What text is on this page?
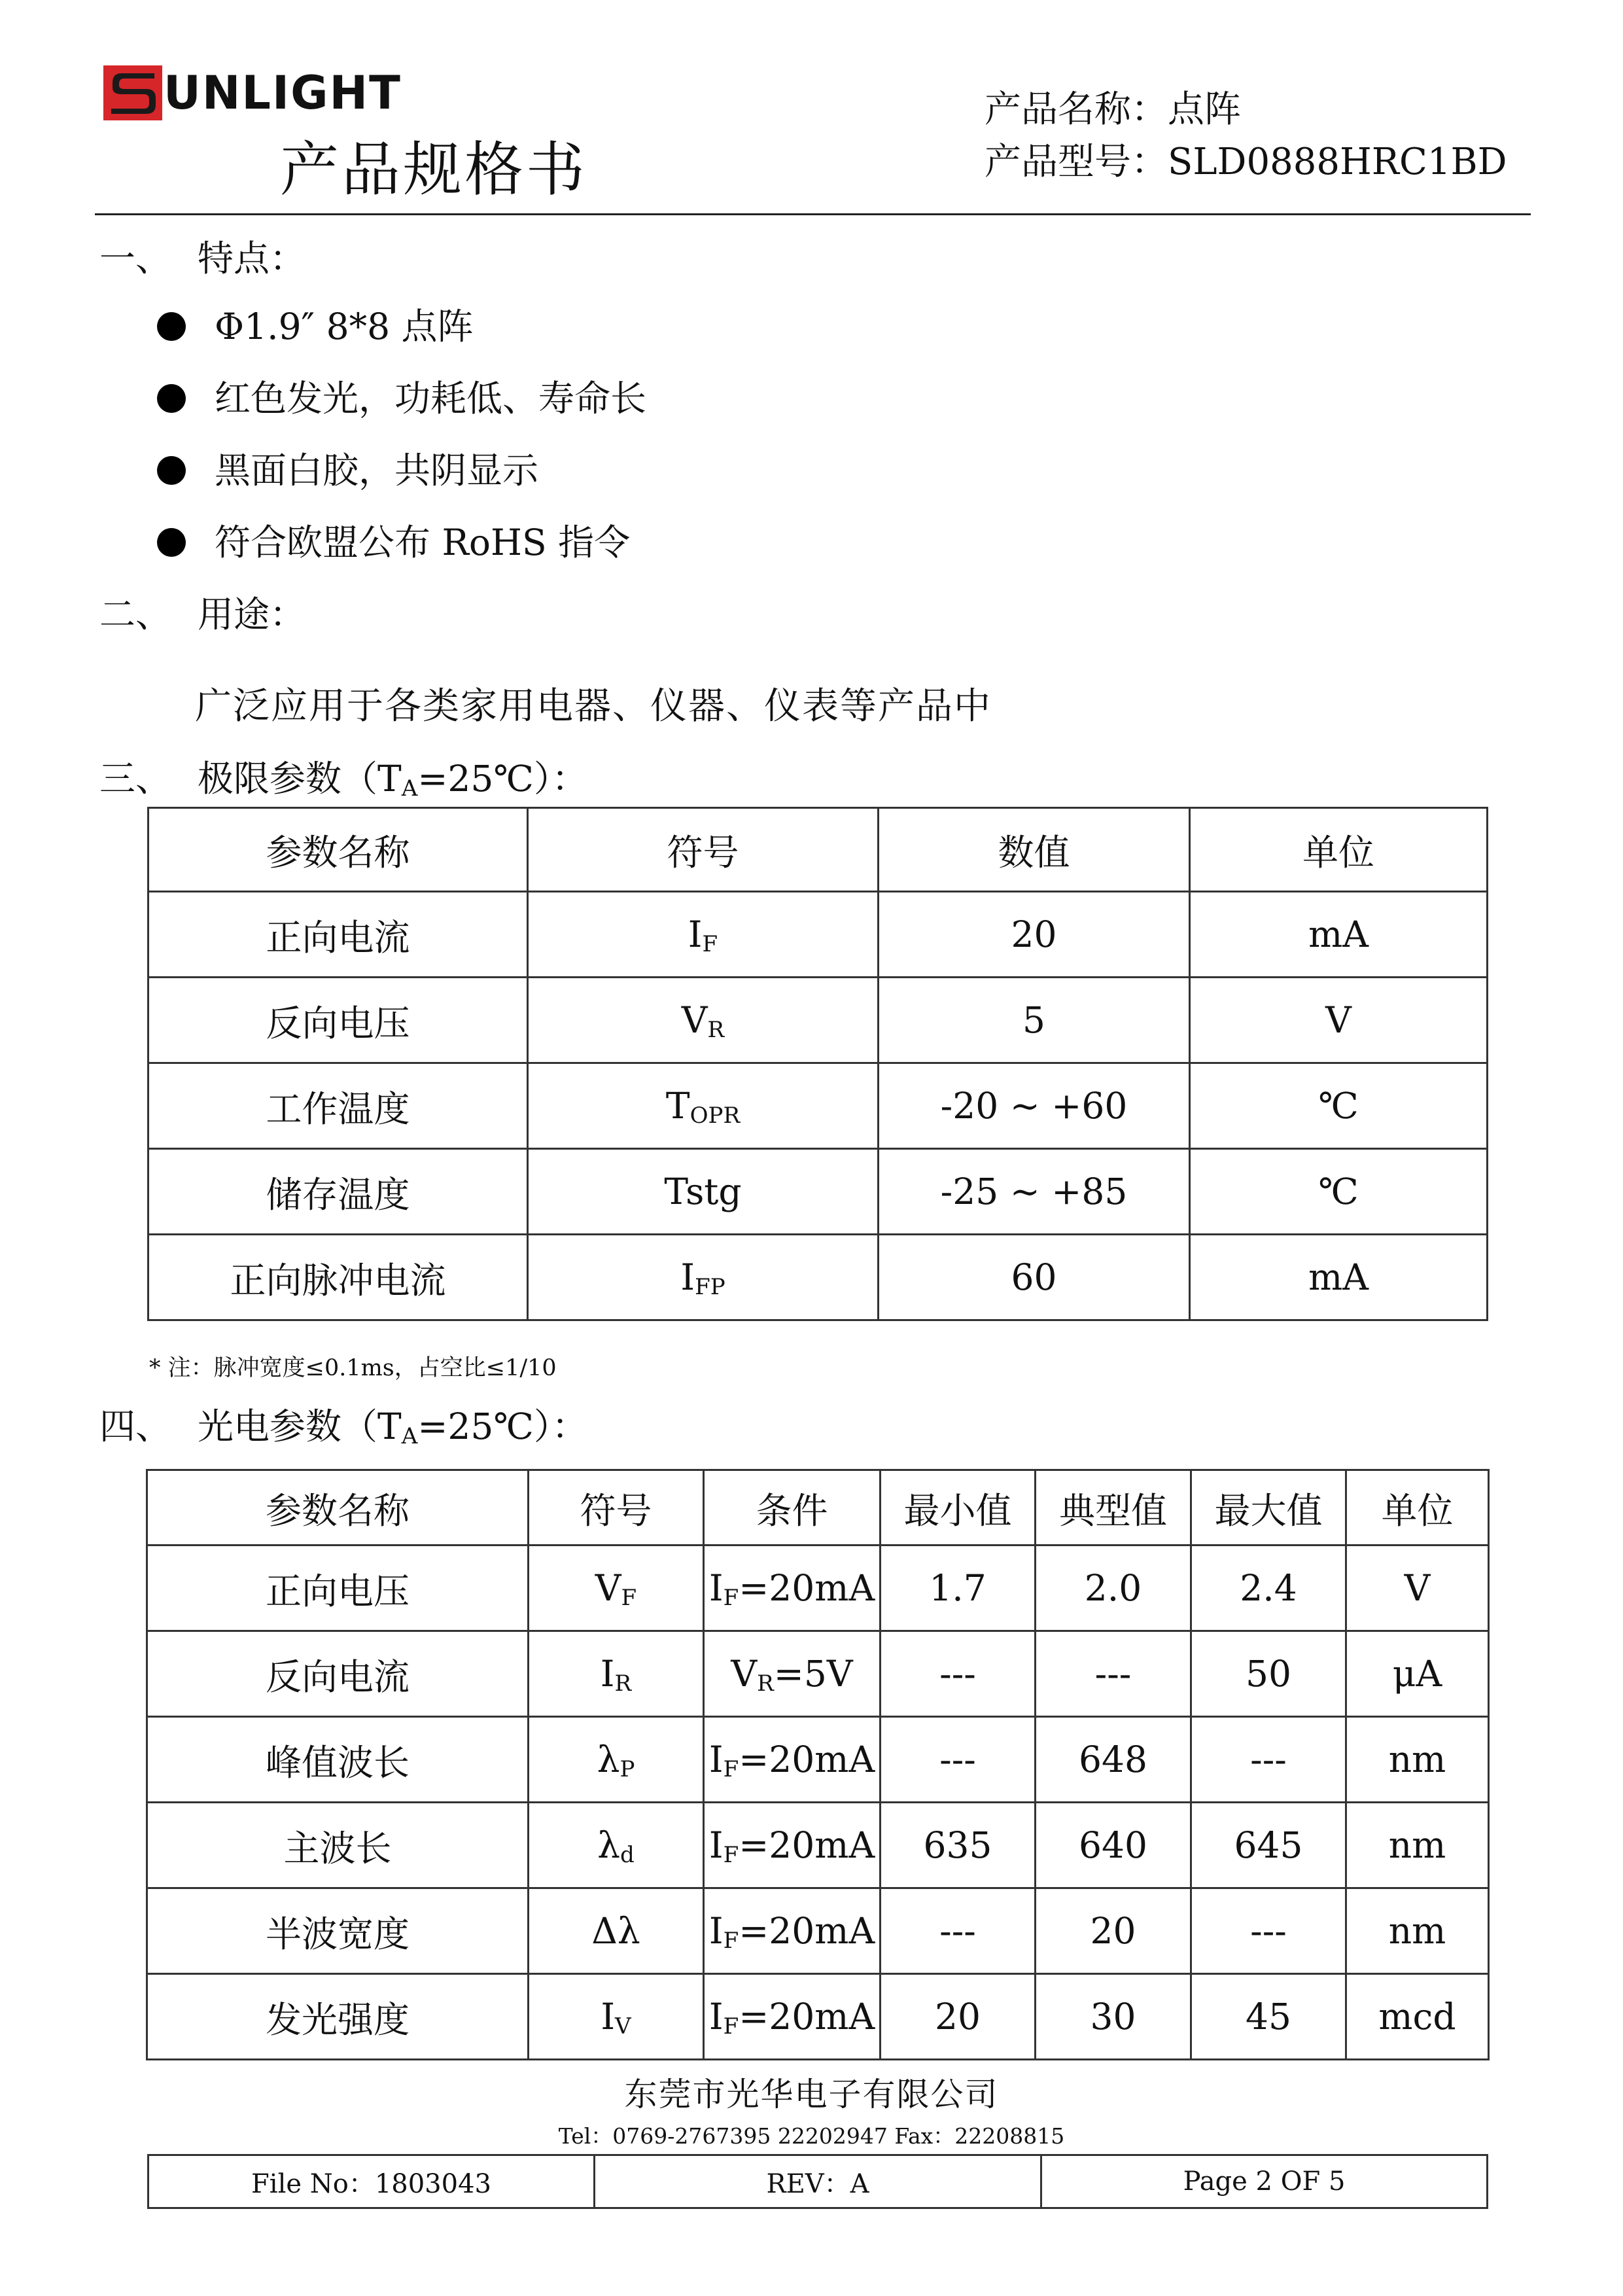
UNLIGHT
产品规格书
产品名称：点阵
产品型号：SLD0888HRC1BD
一、 特点：
Φ1.9″ 8*8 点阵
红色发光，功耗低、寿命长
黑面白胶，共阴显示
符合欧盟公布 RoHS 指令
二、 用途：
广泛应用于各类家用电器、仪器、仪表等产品中
三、 极限参数$(T_A=25℃)$：
参数名称	符号	数值	单位
正向电流	$I_F$	20	mA
反向电压	$V_R$	5	V
工作温度	$T_{OPR}$	-20 ~ +60	℃
储存温度	Tstg	-25 ~ +85	℃
正向脉冲电流	$I_{FP}$	60	mA
* 注：脉冲宽度≤0.1ms，占空比≤1/10
四、 光电参数$(T_A=25℃)$：
参数名称	符号	条件	最小值	典型值	最大值	单位
正向电压	$V_F$	$I_F=20mA$	1.7	2.0	2.4	V
反向电流	$I_R$	$V_R=5V$	---	---	50	μA
峰值波长	$\lambda_P$	$I_F=20mA$	---	648	---	nm
主波长	$\lambda_d$	$I_F=20mA$	635	640	645	nm
半波宽度	Δλ	$I_F=20mA$	---	20	---	nm
发光强度	$I_V$	$I_F=20mA$	20	30	45	mcd
东莞市光华电子有限公司
Tel：0769-2767395 22202947 Fax：22208815
File No：1803043	REV：A	Page 2 OF 5
